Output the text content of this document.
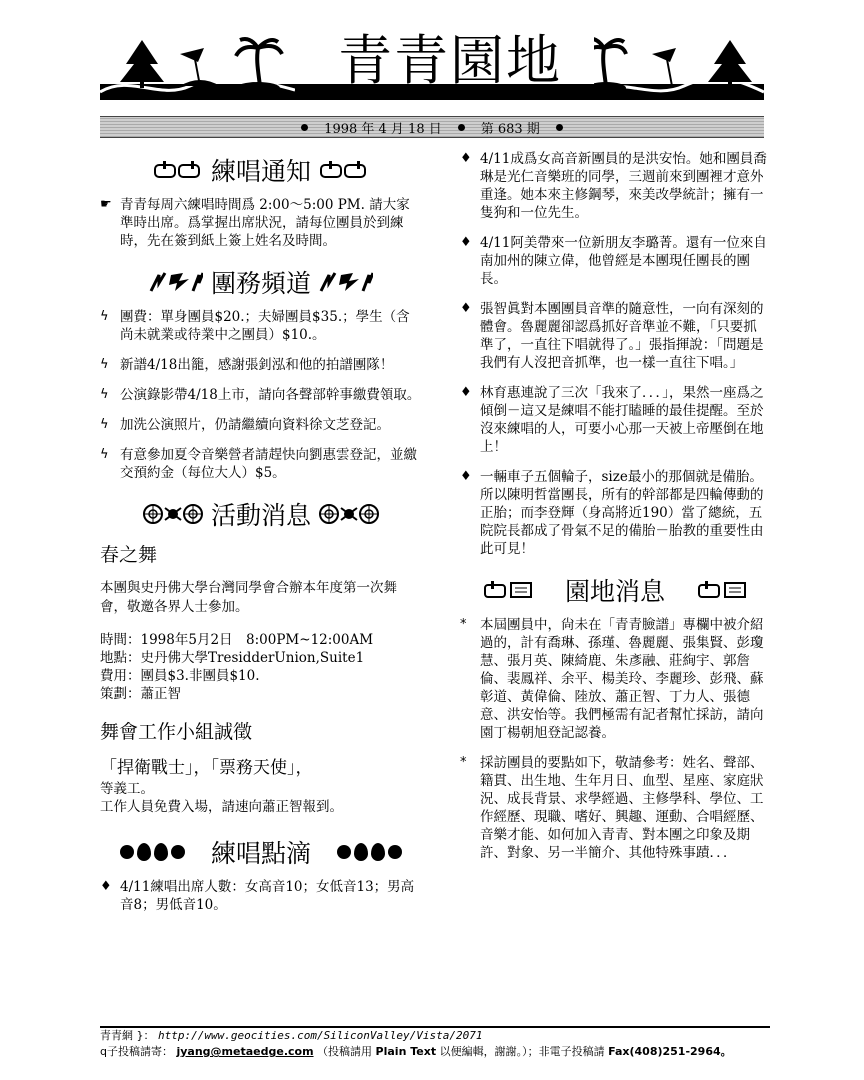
青青園地
1998 年 4 月 18 日	第 683 期
練唱通知
☛ 青青每周六練唱時間爲 2:00～5:00 PM. 請大家準時出席。爲掌握出席狀況，請每位團員於到練時，先在簽到紙上簽上姓名及時間。
團務頻道
ϟ 團費：單身團員$20.；夫婦團員$35.；學生（含尚未就業或待業中之團員）$10.。
ϟ 新譜4/18出籠，感謝張釗泓和他的拍譜團隊！
ϟ 公演錄影帶4/18上市，請向各聲部幹事繳費領取。
ϟ 加洗公演照片，仍請繼續向資料徐文芝登記。
ϟ 有意參加夏令音樂營者請趕快向劉惠雲登記，並繳交預約金（每位大人）$5。
活動消息
春之舞
本團與史丹佛大學台灣同學會合辦本年度第一次舞會，敬邀各界人士參加。
時間：1998年5月2日　8:00PM~12:00AM
地點：史丹佛大學TresidderUnion,Suite1
費用：團員$3.非團員$10.
策劃：蕭正智
舞會工作小組誠徵
「捍衛戰士」，「票務天使」，
等義工。
工作人員免費入場，請速向蕭正智報到。
練唱點滴
♦ 4/11練唱出席人數：女高音10；女低音13；男高音8；男低音10。
♦ 4/11成爲女高音新團員的是洪安怡。她和團員喬琳是光仁音樂班的同學，三週前來到團裡才意外重逢。她本來主修鋼琴，來美改學統計；擁有一隻狗和一位先生。
♦ 4/11阿美帶來一位新朋友李璐菁。還有一位來自南加州的陳立偉，他曾經是本團現任團長的團長。
♦ 張智眞對本團團員音準的隨意性，一向有深刻的體會。魯麗麗卻認爲抓好音準並不難，「只要抓準了，一直往下唱就得了。」張指揮說：「問題是我們有人沒把音抓準，也一樣一直往下唱。」
♦ 林育惠連說了三次「我來了．．．」，果然一座爲之傾倒－這又是練唱不能打瞌睡的最佳提醒。至於沒來練唱的人，可要小心那一天被上帝壓倒在地上！
♦ 一輛車子五個輪子，size最小的那個就是備胎。所以陳明哲當團長，所有的幹部都是四輪傳動的正胎；而李登輝（身高將近190）當了總統，五院院長都成了骨氣不足的備胎－胎教的重要性由此可見！
園地消息
*	本屆團員中，尙未在「青青臉譜」專欄中被介紹過的，計有喬琳、孫瑾、魯麗麗、張集賢、彭瓊慧、張月英、陳綺鹿、朱彥融、莊絢宇、郭詹倫、裴鳳祥、余平、楊美玲、李麗珍、彭飛、蘇彰道、黃偉倫、陸放、蕭正智、丁力人、張德意、洪安怡等。我們極需有記者幫忙採訪，請向園丁楊朝旭登記認養。
*	採訪團員的要點如下，敬請參考：姓名、聲部、籍貫、出生地、生年月日、血型、星座、家庭狀況、成長背景、求學經過、主修學科、學位、工作經歷、現職、嗜好、興趣、運動、合唱經歷、音樂才能、如何加入青青、對本團之印象及期許、對象、另一半簡介、其他特殊事蹟．．．
青青網 }： http://www.geocities.com/SiliconValley/Vista/2071
q子投稿請寄： jyang@metaedge.com （投稿請用 Plain Text 以便編輯，謝謝。）；非電子投稿請 Fax(408)251-2964。
